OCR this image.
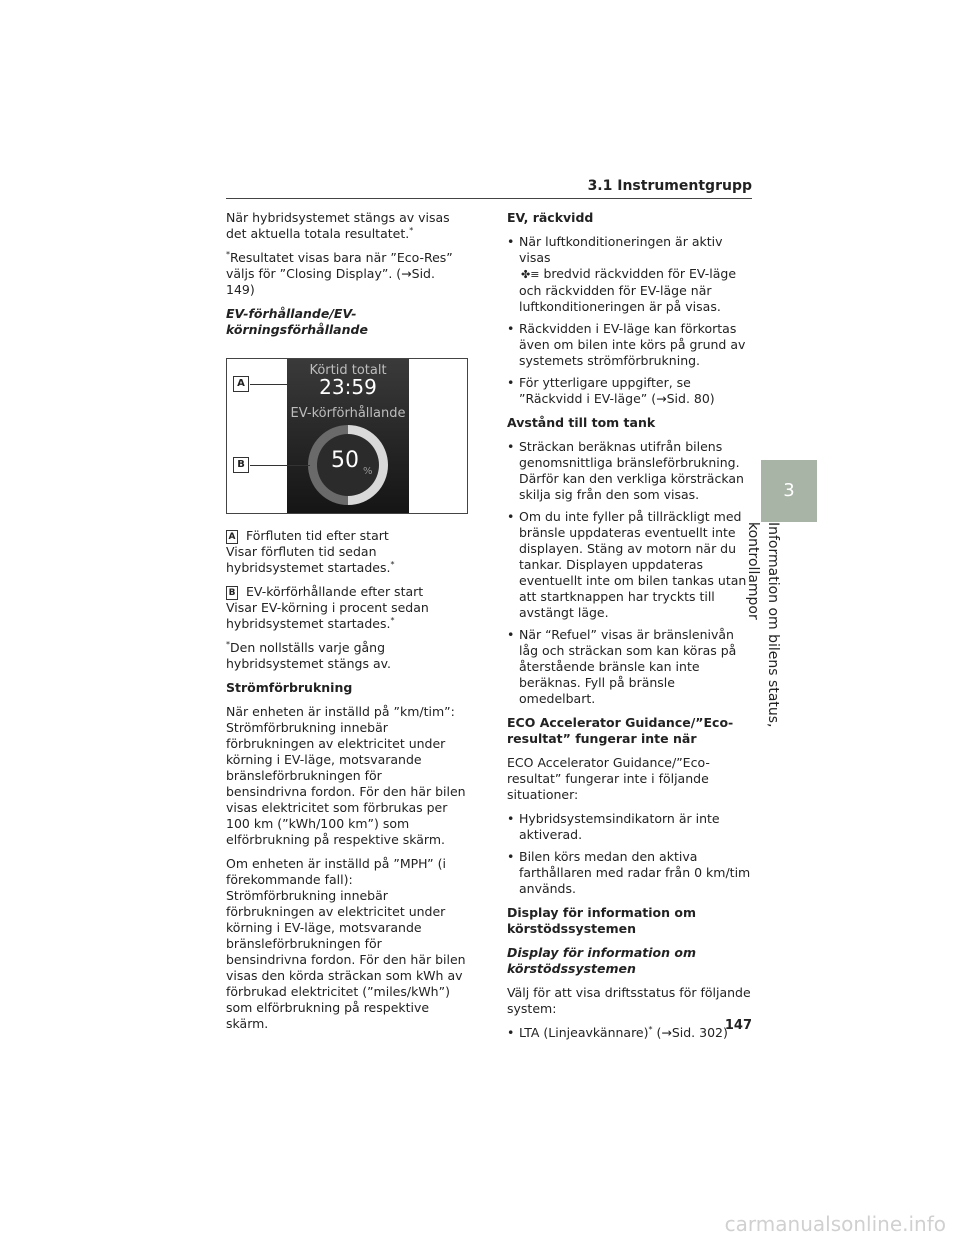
3.1 Instrumentgrupp

När hybridsystemet stängs av visas det aktuella totala resultatet.*

*Resultatet visas bara när ”Eco-Res” väljs för ”Closing Display”. (→Sid. 149)

EV-förhållande/EV-körningsförhållande
Körtid totalt
23:59
EV-körförhållande
50 %
A
B
A Förfluten tid efter start

Visar förfluten tid sedan hybridsystemet startades.*

B EV-körförhållande efter start

Visar EV-körning i procent sedan hybridsystemet startades.*

*Den nollställs varje gång hybridsystemet stängs av.

Strömförbrukning

När enheten är inställd på ”km/tim”: Strömförbrukning innebär förbrukningen av elektricitet under körning i EV-läge, motsvarande bränsleförbrukningen för bensindrivna fordon. För den här bilen visas elektricitet som förbrukas per 100 km (”kWh/100 km”) som elförbrukning på respektive skärm.

Om enheten är inställd på ”MPH” (i förekommande fall): Strömförbrukning innebär förbrukningen av elektricitet under körning i EV-läge, motsvarande bränsleförbrukningen för bensindrivna fordon. För den här bilen visas den körda sträckan som kWh av förbrukad elektricitet (”miles/kWh”) som elförbrukning på respektive skärm.

EV, räckvidd
• När luftkonditioneringen är aktiv visas
✤≡ bredvid räckvidden för EV-läge och räckvidden för EV-läge när luftkonditioneringen är på visas.
• Räckvidden i EV-läge kan förkortas även om bilen inte körs på grund av systemets strömförbrukning.
• För ytterligare uppgifter, se ”Räckvidd i EV-läge” (→Sid. 80)
Avstånd till tom tank
• Sträckan beräknas utifrån bilens genomsnittliga bränsleförbrukning. Därför kan den verkliga körsträckan skilja sig från den som visas.
• Om du inte fyller på tillräckligt med bränsle uppdateras eventuellt inte displayen. Stäng av motorn när du tankar. Displayen uppdateras eventuellt inte om bilen tankas utan att startknappen har tryckts till avstängt läge.
• När “Refuel” visas är bränslenivån låg och sträckan som kan köras på återstående bränsle kan inte beräknas. Fyll på bränsle omedelbart.
ECO Accelerator Guidance/”Eco-resultat” fungerar inte när

ECO Accelerator Guidance/”Eco-resultat” fungerar inte i följande situationer:

• Hybridsystemsindikatorn är inte aktiverad.
• Bilen körs medan den aktiva farthållaren med radar från 0 km/tim används.
Display för information om körstödssystemen
Display för information om körstödssystemen

Välj för att visa driftsstatus för följande system:

• LTA (Linjeavkännare)* (→Sid. 302)
3
Information om bilens status, kontrollampor
147
carmanualsonline.info
